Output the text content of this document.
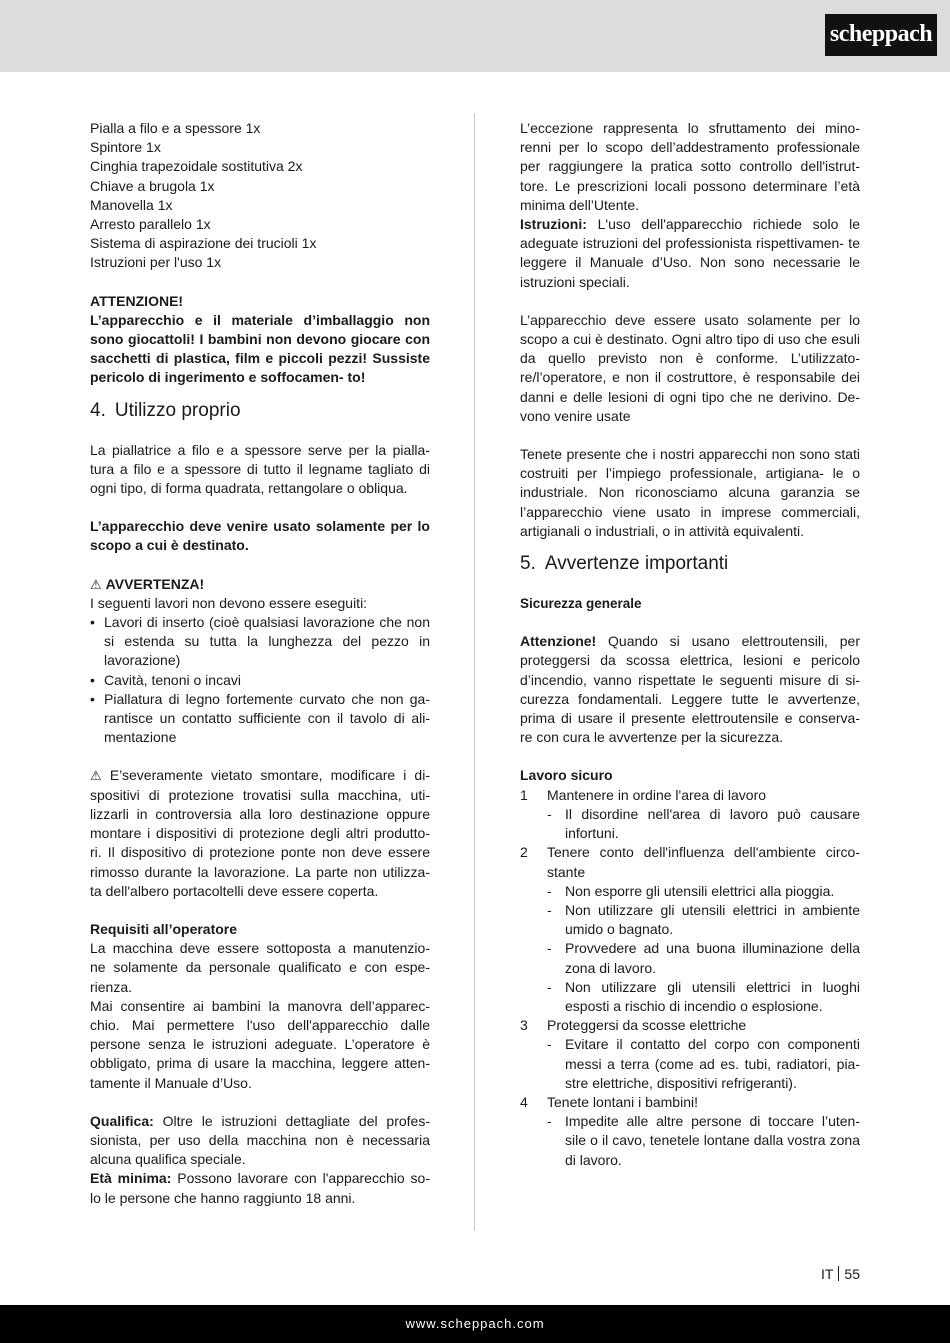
scheppach
Pialla a filo e a spessore 1x
Spintore 1x
Cinghia trapezoidale sostitutiva 2x
Chiave a brugola 1x
Manovella 1x
Arresto parallelo 1x
Sistema di aspirazione dei trucioli 1x
Istruzioni per l'uso 1x

ATTENZIONE!

L’apparecchio e il materiale d’imballaggio non sono giocattoli! I bambini non devono giocare con sacchetti di plastica, film e piccoli pezzi! Sussiste pericolo di ingerimento e soffocamen- to!

4. Utilizzo proprio

La piallatrice a filo e a spessore serve per la pialla- tura a filo e a spessore di tutto il legname tagliato di ogni tipo, di forma quadrata, rettangolare o obliqua.

L’apparecchio deve venire usato solamente per lo scopo a cui è destinato.

⚠ AVVERTENZA!

I seguenti lavori non devono essere eseguiti:

• Lavori di inserto (cioè qualsiasi lavorazione che non si estenda su tutta la lunghezza del pezzo in lavorazione)
• Cavità, tenoni o incavi
• Piallatura di legno fortemente curvato che non ga- rantisce un contatto sufficiente con il tavolo di ali- mentazione

⚠ E’severamente vietato smontare, modificare i di- spositivi di protezione trovatisi sulla macchina, uti- lizzarli in controversia alla loro destinazione oppure montare i dispositivi di protezione degli altri produtto- ri. Il dispositivo di protezione ponte non deve essere rimosso durante la lavorazione. La parte non utilizza- ta dell'albero portacoltelli deve essere coperta.

Requisiti all’operatore

La macchina deve essere sottoposta a manutenzio- ne solamente da personale qualificato e con espe- rienza.

Mai consentire ai bambini la manovra dell’apparec- chio. Mai permettere l'uso dell'apparecchio dalle persone senza le istruzioni adeguate. L’operatore è obbligato, prima di usare la macchina, leggere atten- tamente il Manuale d’Uso.

Qualifica: Oltre le istruzioni dettagliate del profes- sionista, per uso della macchina non è necessaria alcuna qualifica speciale.

Età minima: Possono lavorare con l'apparecchio so- lo le persone che hanno raggiunto 18 anni.

L’eccezione rappresenta lo sfruttamento dei mino- renni per lo scopo dell’addestramento professionale per raggiungere la pratica sotto controllo dell'istrut- tore. Le prescrizioni locali possono determinare l’età minima dell’Utente.

Istruzioni: L'uso dell'apparecchio richiede solo le adeguate istruzioni del professionista rispettivamen- te leggere il Manuale d’Uso. Non sono necessarie le istruzioni speciali.

L’apparecchio deve essere usato solamente per lo scopo a cui è destinato. Ogni altro tipo di uso che esuli da quello previsto non è conforme. L’utilizzato- re/l’operatore, e non il costruttore, è responsabile dei danni e delle lesioni di ogni tipo che ne derivino. De- vono venire usate

Tenete presente che i nostri apparecchi non sono stati costruiti per l’impiego professionale, artigiana- le o industriale. Non riconosciamo alcuna garanzia se l’apparecchio viene usato in imprese commerciali, artigianali o industriali, o in attività equivalenti.

5. Avvertenze importanti

Sicurezza generale

Attenzione! Quando si usano elettroutensili, per proteggersi da scossa elettrica, lesioni e pericolo d’incendio, vanno rispettate le seguenti misure di si- curezza fondamentali. Leggere tutte le avvertenze, prima di usare il presente elettroutensile e conserva- re con cura le avvertenze per la sicurezza.

Lavoro sicuro

1	Mantenere in ordine l'area di lavoro
- Il disordine nell'area di lavoro può causare infortuni.
2	Tenere conto dell'influenza dell'ambiente circo- stante
- Non esporre gli utensili elettrici alla pioggia.
- Non utilizzare gli utensili elettrici in ambiente umido o bagnato.
- Provvedere ad una buona illuminazione della zona di lavoro.
- Non utilizzare gli utensili elettrici in luoghi esposti a rischio di incendio o esplosione.
3	Proteggersi da scosse elettriche
- Evitare il contatto del corpo con componenti messi a terra (come ad es. tubi, radiatori, pia- stre elettriche, dispositivi refrigeranti).
4	Tenete lontani i bambini!
- Impedite alle altre persone di toccare l’uten- sile o il cavo, tenetele lontane dalla vostra zona di lavoro.
IT 55
www.scheppach.com
